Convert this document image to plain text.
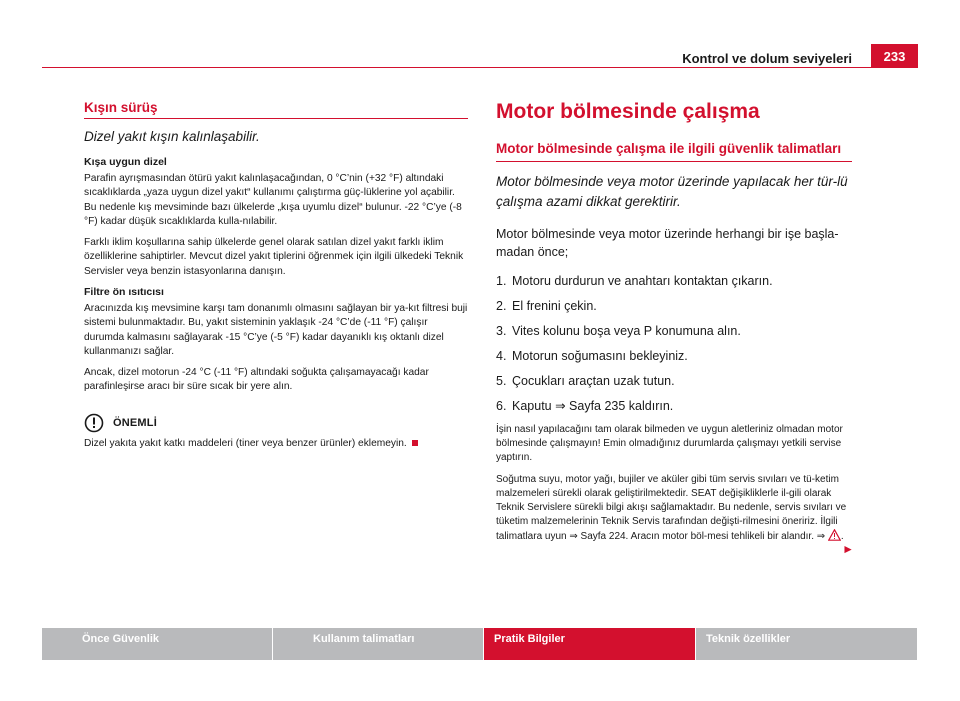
Kontrol ve dolum seviyeleri	233
Kışın sürüş
Dizel yakıt kışın kalınlaşabilir.
Kışa uygun dizel

Parafin ayrışmasından ötürü yakıt kalınlaşacağından, 0 °C’nin (+32 °F) altındaki sıcaklıklarda „yaza uygun dizel yakıt“ kullanımı çalıştırma güç-lüklerine yol açabilir. Bu nedenle kış mevsiminde bazı ülkelerde „kışa uyumlu dizel“ bulunur. -22 °C’ye (-8 °F) kadar düşük sıcaklıklarda kulla-nılabilir.

Farklı iklim koşullarına sahip ülkelerde genel olarak satılan dizel yakıt farklı iklim özelliklerine sahiptirler. Mevcut dizel yakıt tiplerini öğrenmek için ilgili ülkedeki Teknik Servisler veya benzin istasyonlarına danışın.

Filtre ön ısıtıcısı

Aracınızda kış mevsimine karşı tam donanımlı olmasını sağlayan bir ya-kıt filtresi buji sistemi bulunmaktadır. Bu, yakıt sisteminin yaklaşık -24 °C’de (-11 °F) çalışır durumda kalmasını sağlayarak -15 °C’ye (-5 °F) kadar dayanıklı kış oktanlı dizel kullanmanızı sağlar.

Ancak, dizel motorun -24 °C (-11 °F) altındaki soğukta çalışamayacağı kadar parafinleşirse aracı bir süre sıcak bir yere alın.

ÖNEMLİ
Dizel yakıta yakıt katkı maddeleri (tiner veya benzer ürünler) eklemeyin.
Motor bölmesinde çalışma
Motor bölmesinde çalışma ile ilgili güvenlik talimatları
Motor bölmesinde veya motor üzerinde yapılacak her tür-lü çalışma azami dikkat gerektirir.
Motor bölmesinde veya motor üzerinde herhangi bir işe başla-madan önce;
1. Motoru durdurun ve anahtarı kontaktan çıkarın.
2. El frenini çekin.
3. Vites kolunu boşa veya P konumuna alın.
4. Motorun soğumasını bekleyiniz.
5. Çocukları araçtan uzak tutun.
6. Kaputu ⇒ Sayfa 235 kaldırın.

İşin nasıl yapılacağını tam olarak bilmeden ve uygun aletleriniz olmadan motor bölmesinde çalışmayın! Emin olmadığınız durumlarda çalışmayı yetkili servise yaptırın.

Soğutma suyu, motor yağı, bujiler ve aküler gibi tüm servis sıvıları ve tü-ketim malzemeleri sürekli olarak geliştirilmektedir. SEAT değişikliklerle il-gili olarak Teknik Servislere sürekli bilgi akışı sağlamaktadır. Bu nedenle, servis sıvıları ve tüketim malzemelerinin Teknik Servis tarafından değişti-rilmesini öneririz. İlgili talimatlara uyun ⇒ Sayfa 224. Aracın motor böl-mesi tehlikeli bir alandır. ⇒ .
►

Önce Güvenlik	Kullanım talimatları	Pratik Bilgiler	Teknik özellikler
